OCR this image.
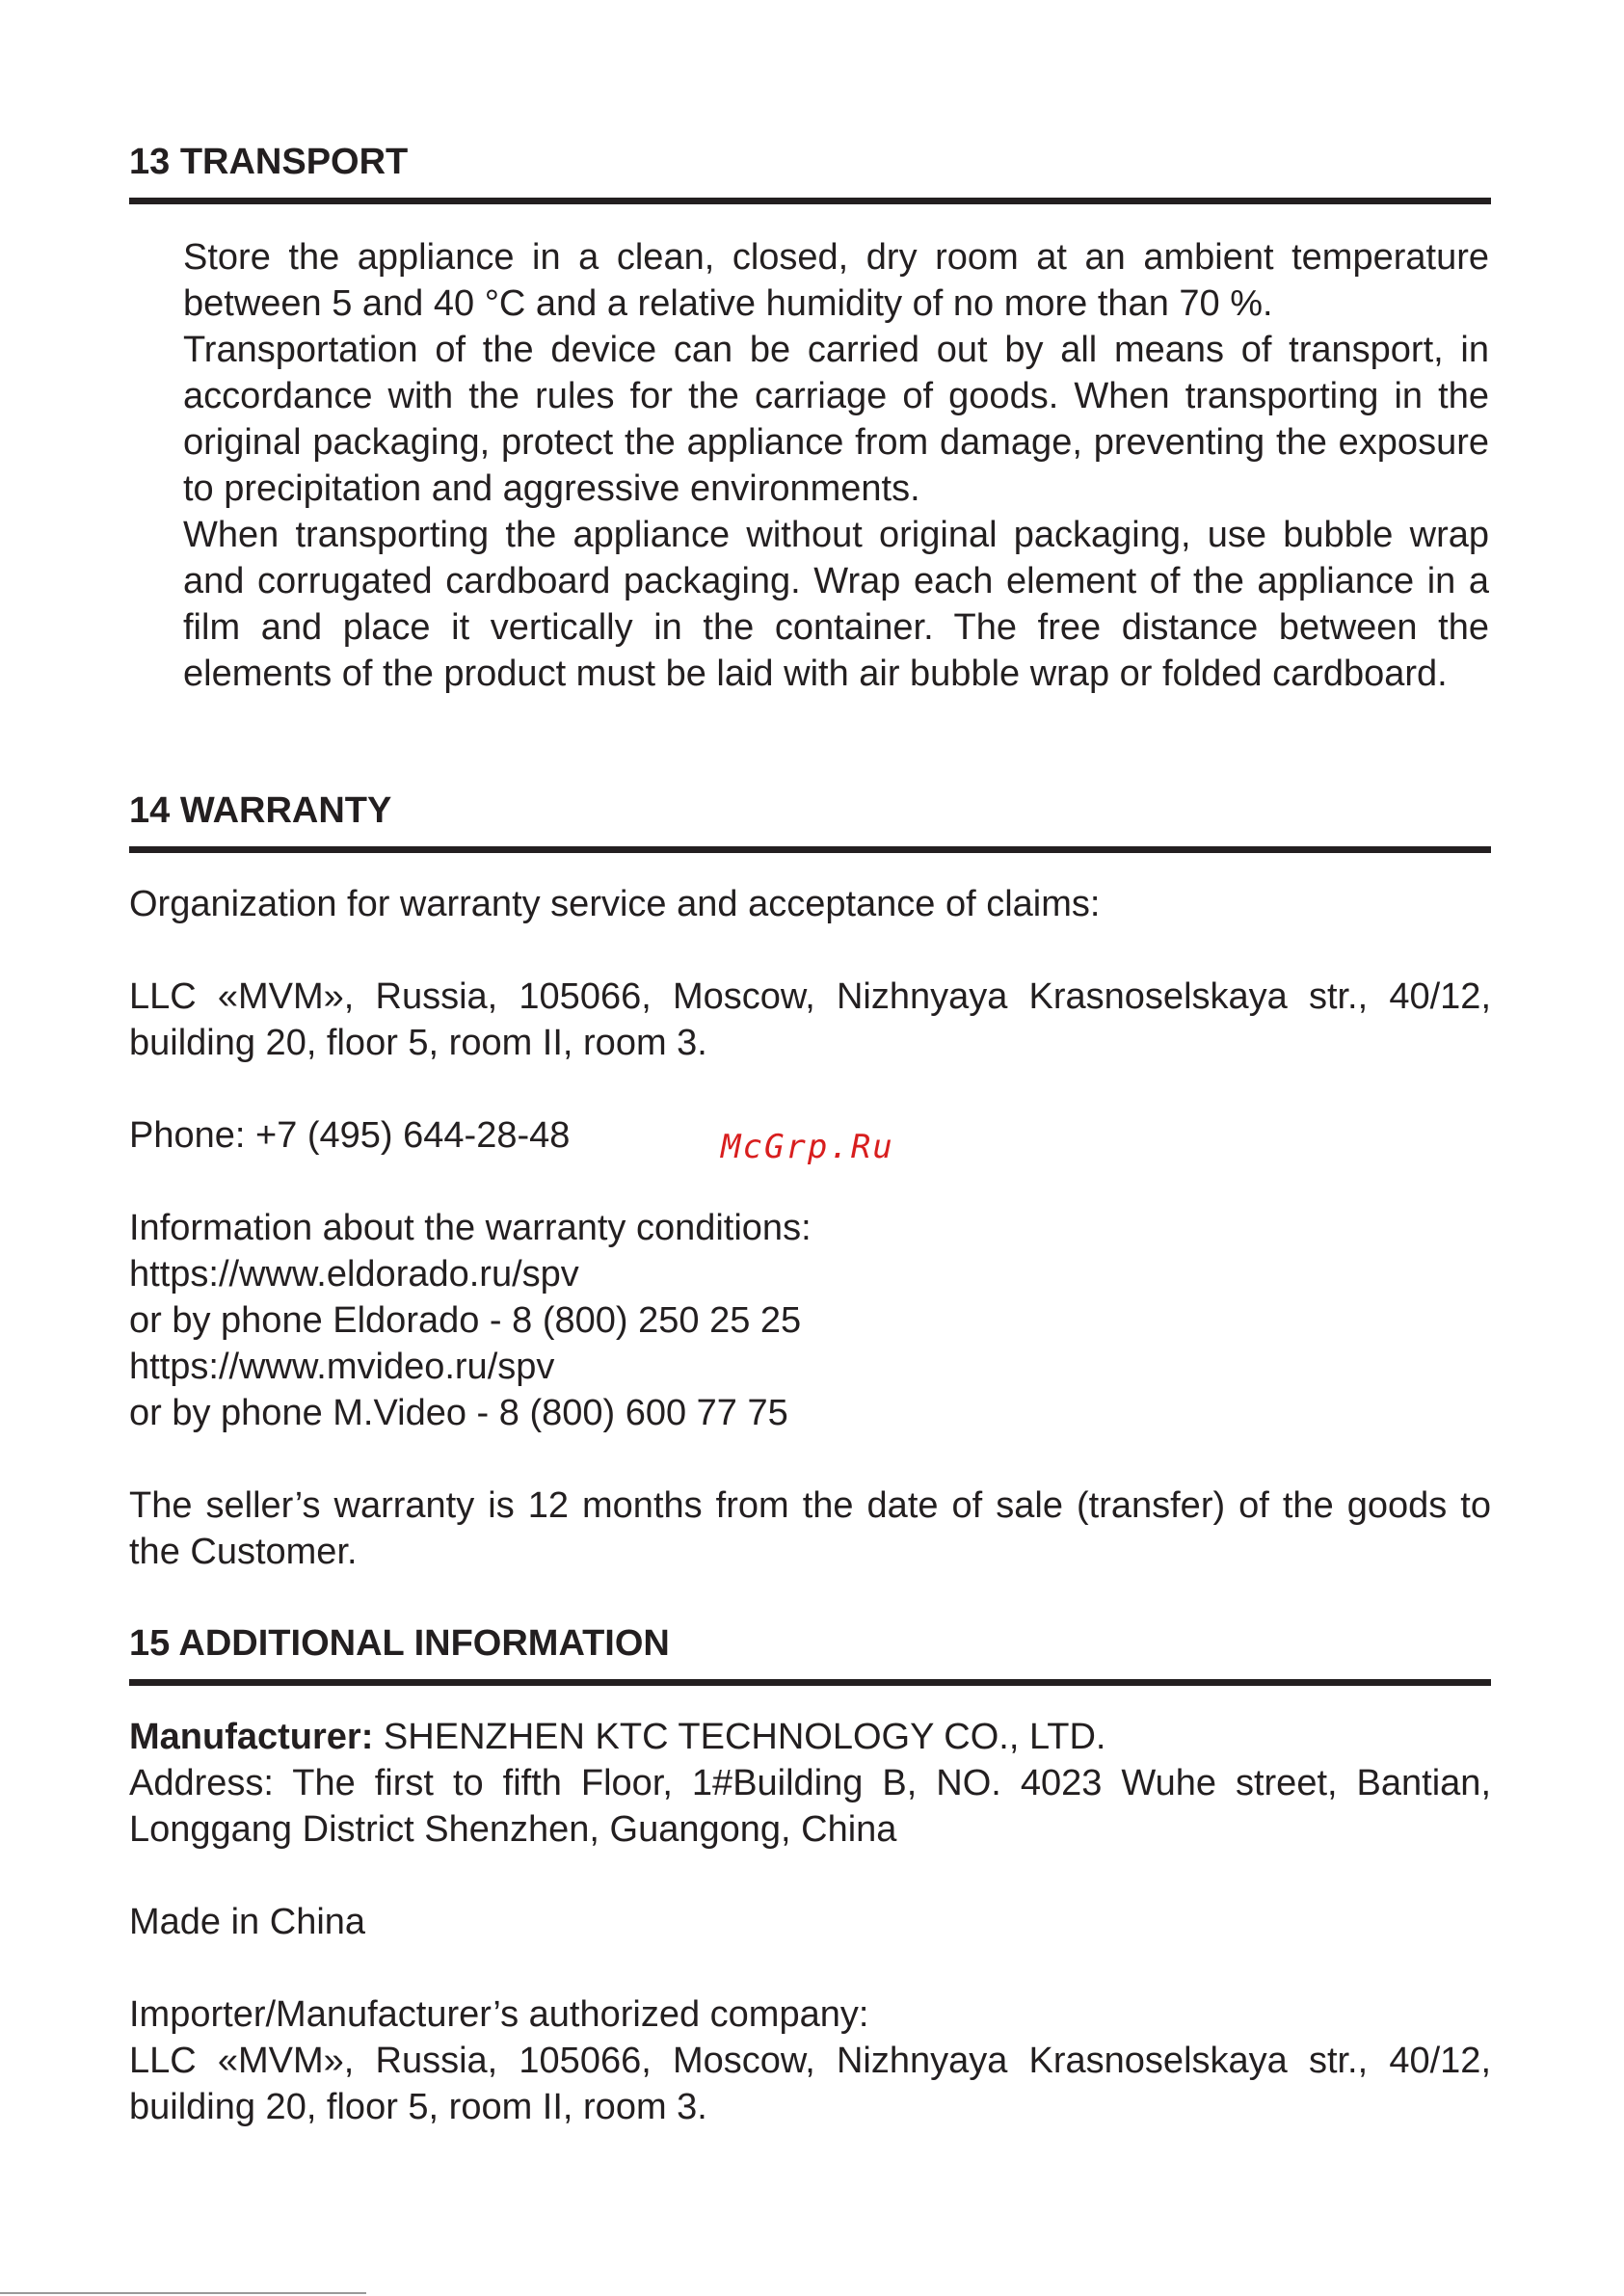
13 TRANSPORT

Store the appliance in a clean, closed, dry room at an ambient temperature between 5 and 40 °C and a relative humidity of no more than 70 %.

Transportation of the device can be carried out by all means of transport, in accordance with the rules for the carriage of goods. When transporting in the original packaging, protect the appliance from damage, preventing the exposure to precipitation and aggressive environments.

When transporting the appliance without original packaging, use bubble wrap and corrugated cardboard packaging. Wrap each element of the appliance in a film and place it vertically in the container. The free distance between the elements of the product must be laid with air bubble wrap or folded cardboard.

14 WARRANTY

Organization for warranty service and acceptance of claims:

LLC «MVM», Russia, 105066, Moscow, Nizhnyaya Krasnoselskaya str., 40/12, building 20, floor 5, room II, room 3.

Phone: +7 (495) 644-28-48	McGrp.Ru

Information about the warranty conditions:

https://www.eldorado.ru/spv

or by phone Eldorado - 8 (800) 250 25 25

https://www.mvideo.ru/spv

or by phone M.Video - 8 (800) 600 77 75

The seller’s warranty is 12 months from the date of sale (transfer) of the goods to the Customer.

15 ADDITIONAL INFORMATION

Manufacturer: SHENZHEN KTC TECHNOLOGY CO., LTD.

Address: The first to fifth Floor, 1#Building B, NO. 4023 Wuhe street, Bantian, Longgang District Shenzhen, Guangong, China

Made in China

Importer/Manufacturer’s authorized company:

LLC «MVM», Russia, 105066, Moscow, Nizhnyaya Krasnoselskaya str., 40/12, building 20, floor 5, room II, room 3.
